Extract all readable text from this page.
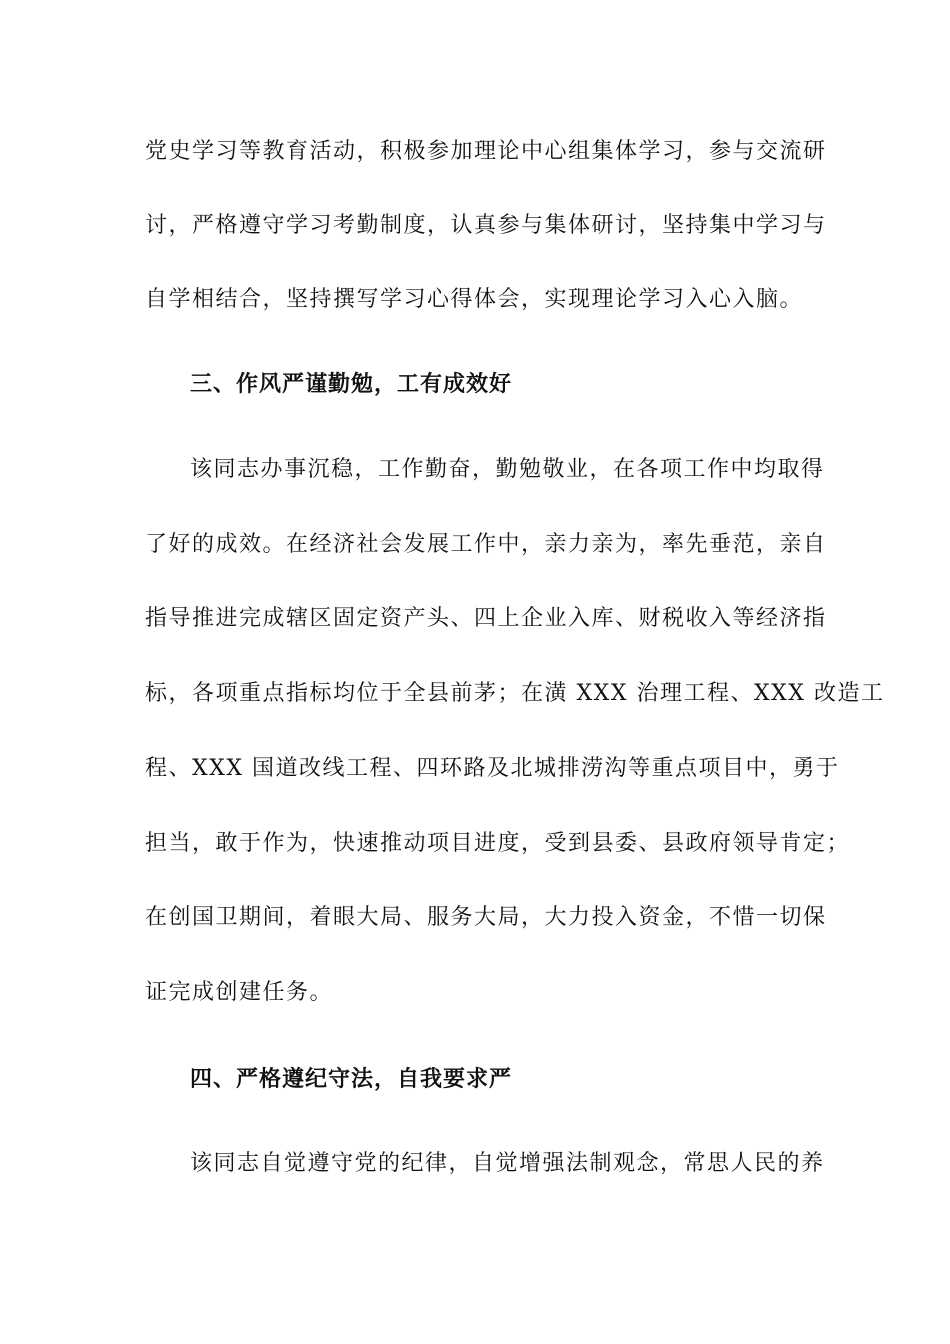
党史学习等教育活动，积极参加理论中心组集体学习，参与交流研
讨，严格遵守学习考勤制度，认真参与集体研讨，坚持集中学习与
自学相结合，坚持撰写学习心得体会，实现理论学习入心入脑。
三、作风严谨勤勉，工有成效好
该同志办事沉稳，工作勤奋，勤勉敬业，在各项工作中均取得
了好的成效。在经济社会发展工作中，亲力亲为，率先垂范，亲自
指导推进完成辖区固定资产头、四上企业入库、财税收入等经济指
标，各项重点指标均位于全县前茅；在潢 XXX 治理工程、XXX 改造工
程、XXX 国道改线工程、四环路及北城排涝沟等重点项目中，勇于
担当，敢于作为，快速推动项目进度，受到县委、县政府领导肯定；
在创国卫期间，着眼大局、服务大局，大力投入资金，不惜一切保
证完成创建任务。
四、严格遵纪守法，自我要求严
该同志自觉遵守党的纪律，自觉增强法制观念，常思人民的养
